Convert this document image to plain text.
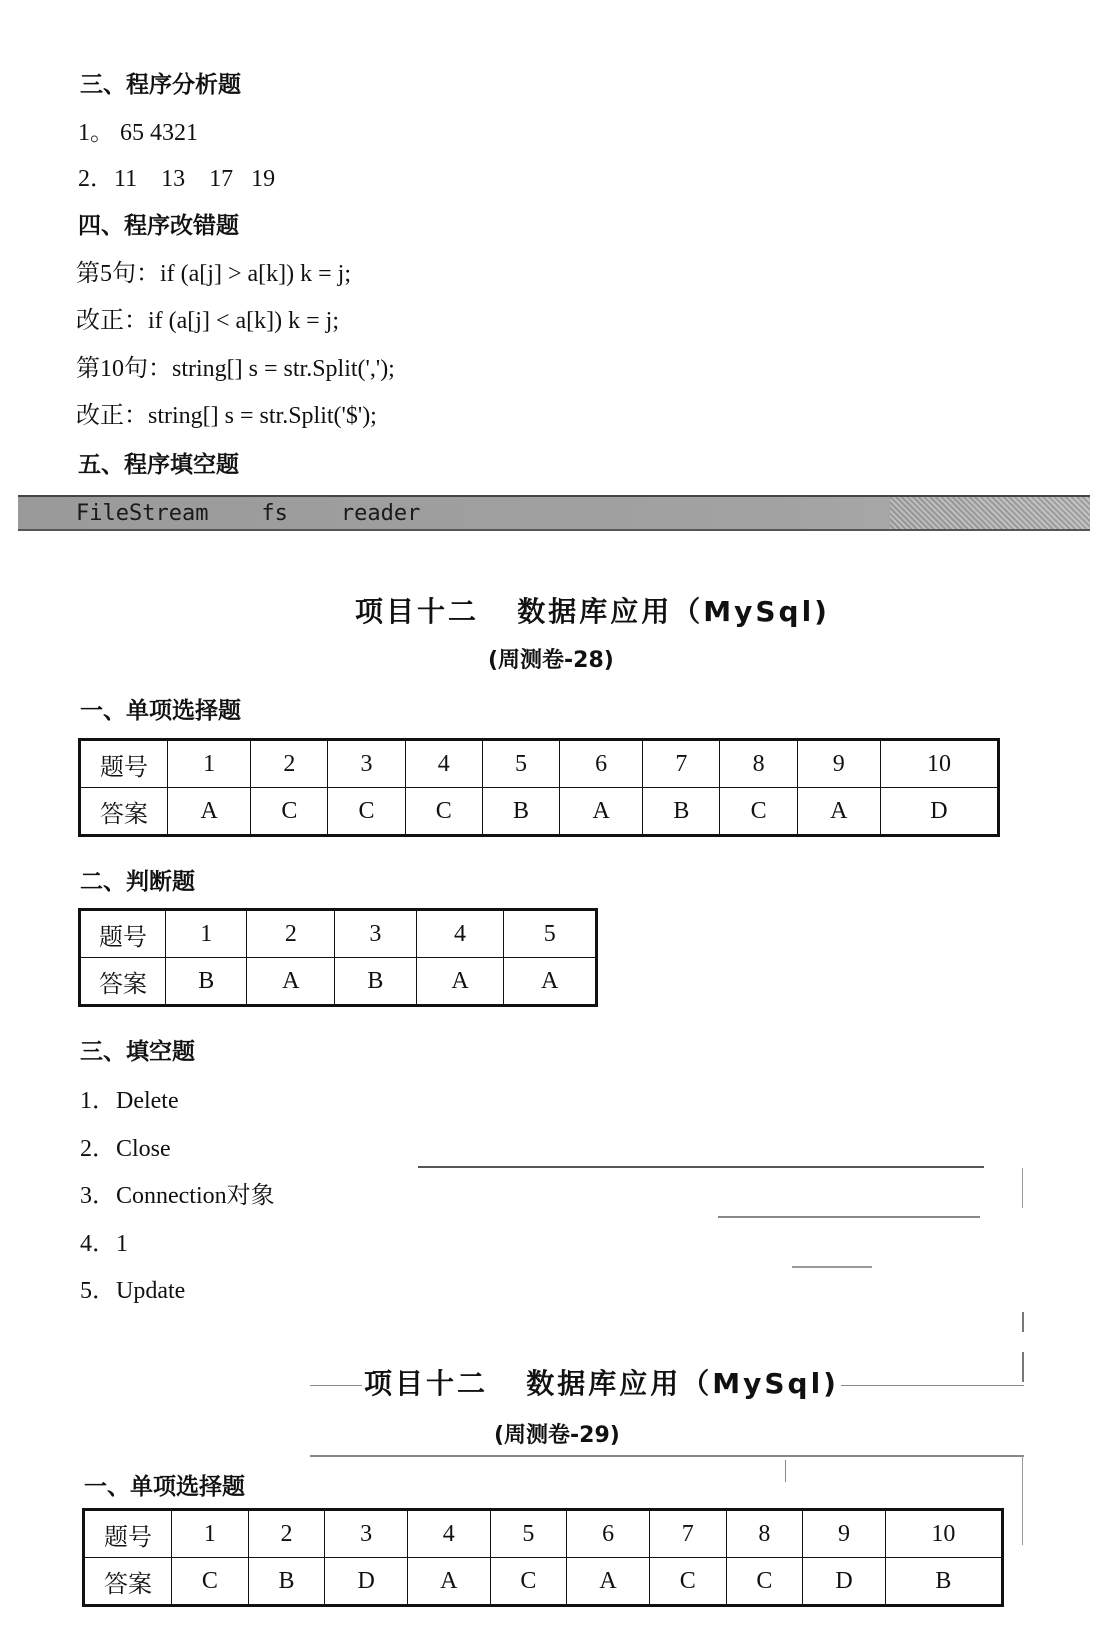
三、程序分析题
1。 65 4321
2．11    13    17   19
四、程序改错题
第5句：if (a[j] > a[k]) k = j;
改正：if (a[j] < a[k]) k = j;
第10句：string[] s = str.Split(',');
改正：string[] s = str.Split('$');
五、程序填空题
FileStream    fs    reader
项目十二   数据库应用（MySql)
(周测卷-28)
一、单项选择题
题号	1	2	3	4	5	6	7	8	9	10
答案	A	C	C	C	B	A	B	C	A	D
二、判断题
题号	1	2	3	4	5
答案	B	A	B	A	A
三、填空题
1．Delete
2．Close
3．Connection对象
4．1
5．Update
项目十二   数据库应用（MySql)
(周测卷-29)
一、单项选择题
题号	1	2	3	4	5	6	7	8	9	10
答案	C	B	D	A	C	A	C	C	D	B
